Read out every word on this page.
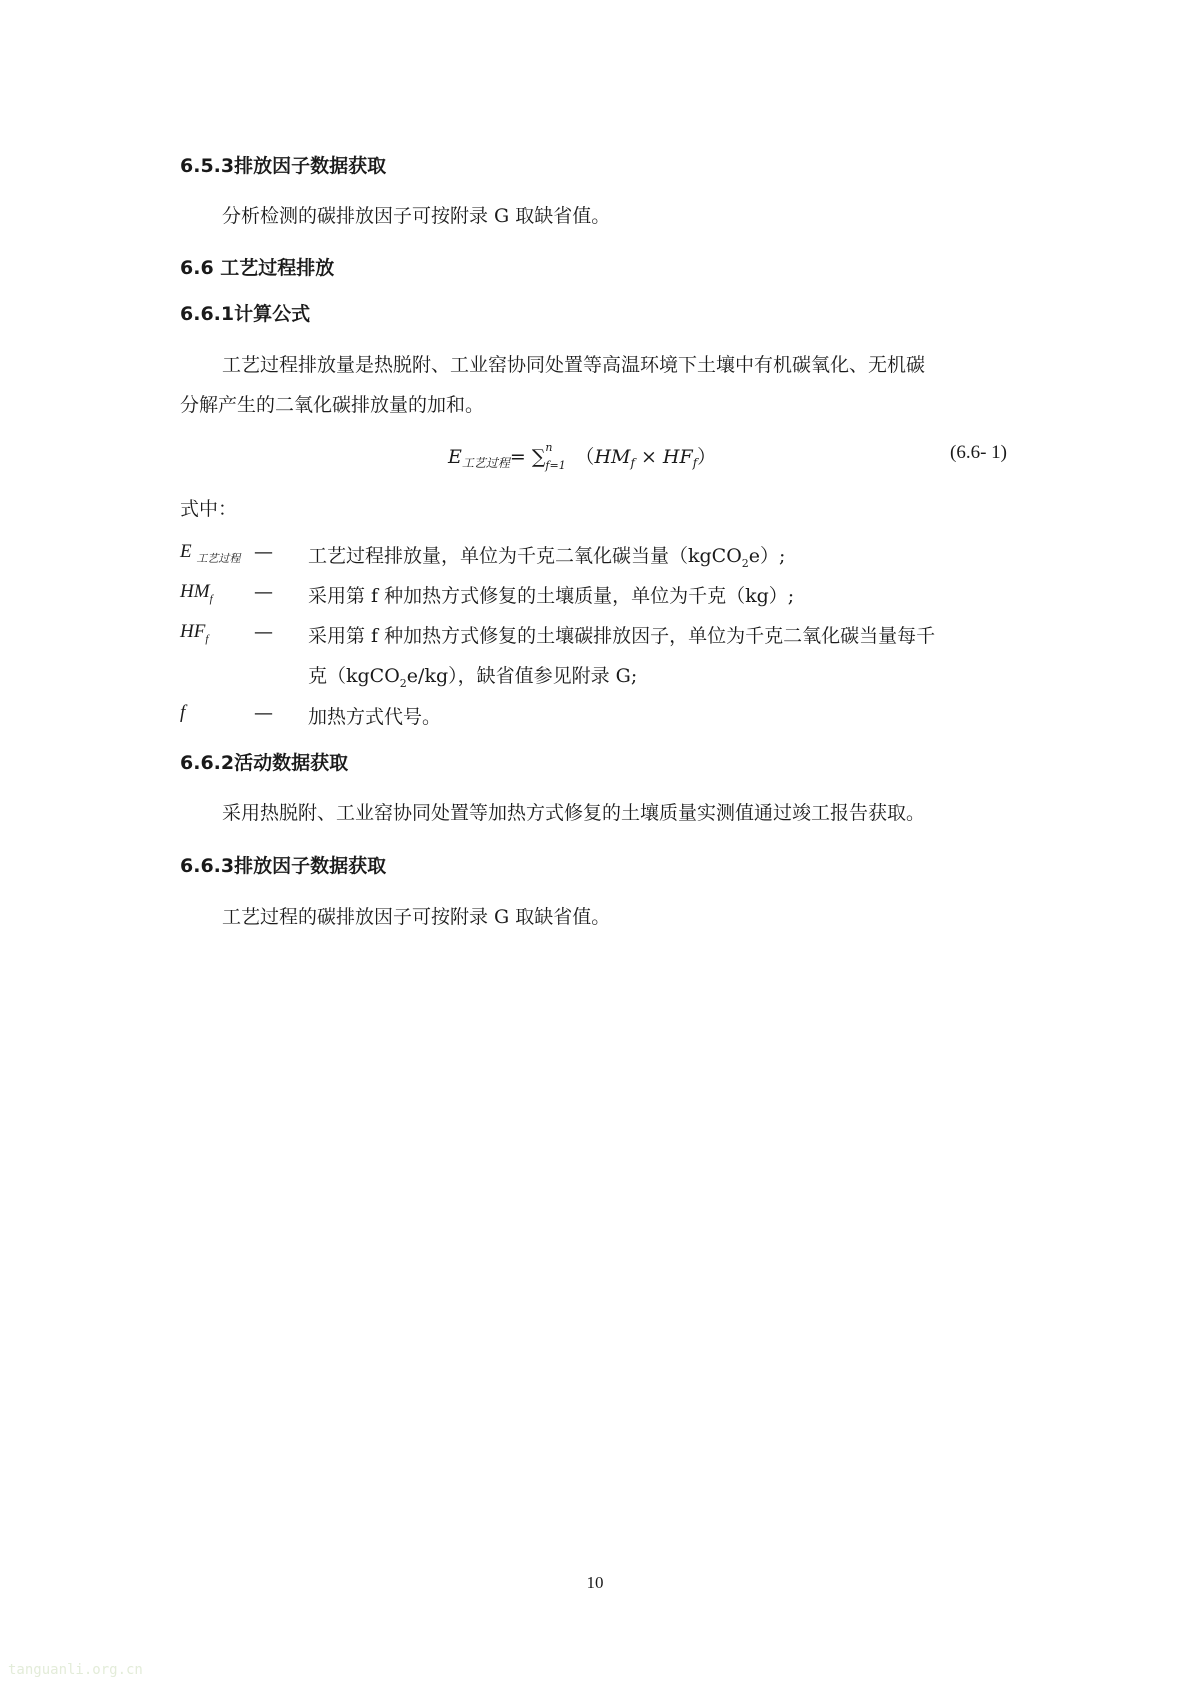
6.5.3排放因子数据获取
分析检测的碳排放因子可按附录 G 取缺省值。
6.6 工艺过程排放
6.6.1计算公式
工艺过程排放量是热脱附、工业窑协同处置等高温环境下土壤中有机碳氧化、无机碳
分解产生的二氧化碳排放量的加和。
$E_{工艺过程}=$ ∑ n
f=1 $(HM_f \times HF_f)$	(6.6- 1)
式中：
E $_{工艺过程}$ — 工艺过程排放量，单位为千克二氧化碳当量（kgCO$_2$e）;
$HM_f$ — 采用第 f 种加热方式修复的土壤质量，单位为千克（kg）;
$HF_f$ — 采用第 f 种加热方式修复的土壤碳排放因子，单位为千克二氧化碳当量每千
克（kgCO$_2$e/kg），缺省值参见附录 G;
f	— 加热方式代号。
6.6.2活动数据获取
采用热脱附、工业窑协同处置等加热方式修复的土壤质量实测值通过竣工报告获取。
6.6.3排放因子数据获取
工艺过程的碳排放因子可按附录 G 取缺省值。
10
tanguanli.org.cn
